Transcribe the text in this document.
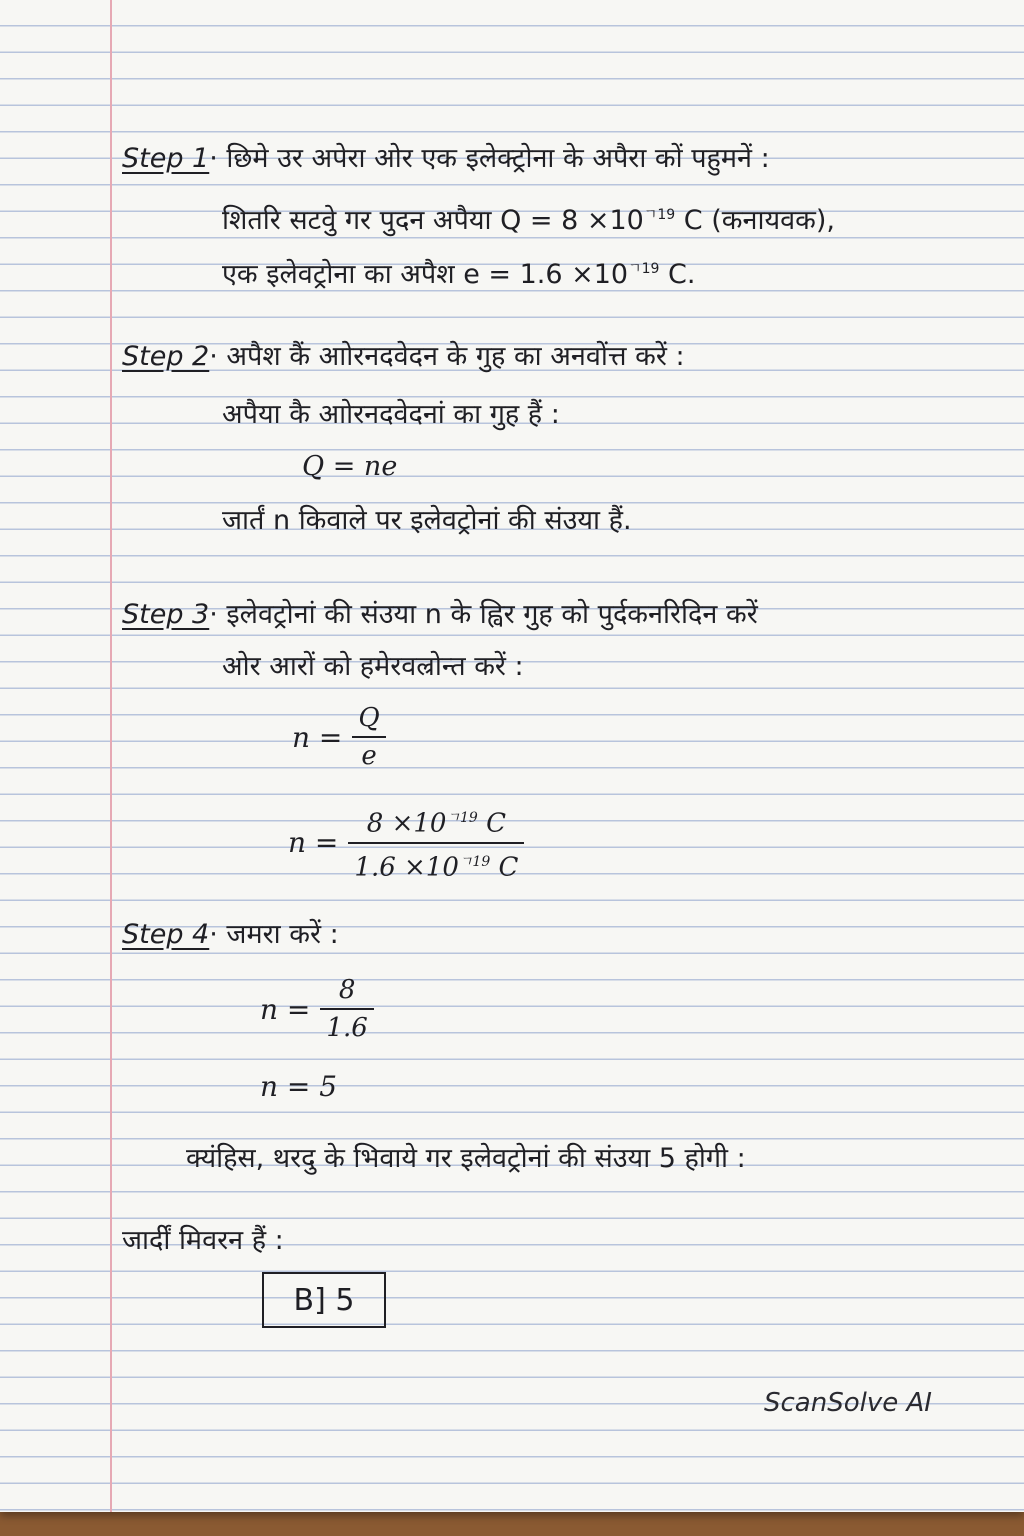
Step 1· छिमे उर अपेरा ओर एक इलेक्ट्रोना के अपैरा कों पहुमनें :
शितरि सटवुे गर पुदन अपैया $Q = 8 \times 10^{ㄱ19}$ C (कनायवक),
एक इलेवट्रोना का अपैश $e = 1.6 \times 10^{ㄱ19}$ C.
Step 2· अपैश कैं आोरनदवेदन के गुह का अनवोंत्त करें :
अपैया कै आोरनदवेदनां का गुह हैं :
Q = ne
जार्तं n किवाले पर इलेवट्रोनां की संउया हैं.
Step 3· इलेवट्रोनां की संउया n के ह्विर गुह को पुर्दकनरिदिन करें
ओर आरों को हमेरवल्रोन्त करें :
$n = \frac{Q}{e}$
$n = \frac{8 \times 10^{ㄱ19} C}{1.6 \times 10^{ㄱ19} C}$
Step 4· जमरा करें :
$n = \frac{8}{1.6}$
n = 5
क्यंहिस, थरदु के भिवाये गर इलेवट्रोनां की संउया 5 होगी :
जार्दीं मिवरन हैं :
B] 5
ScanSolve AI
